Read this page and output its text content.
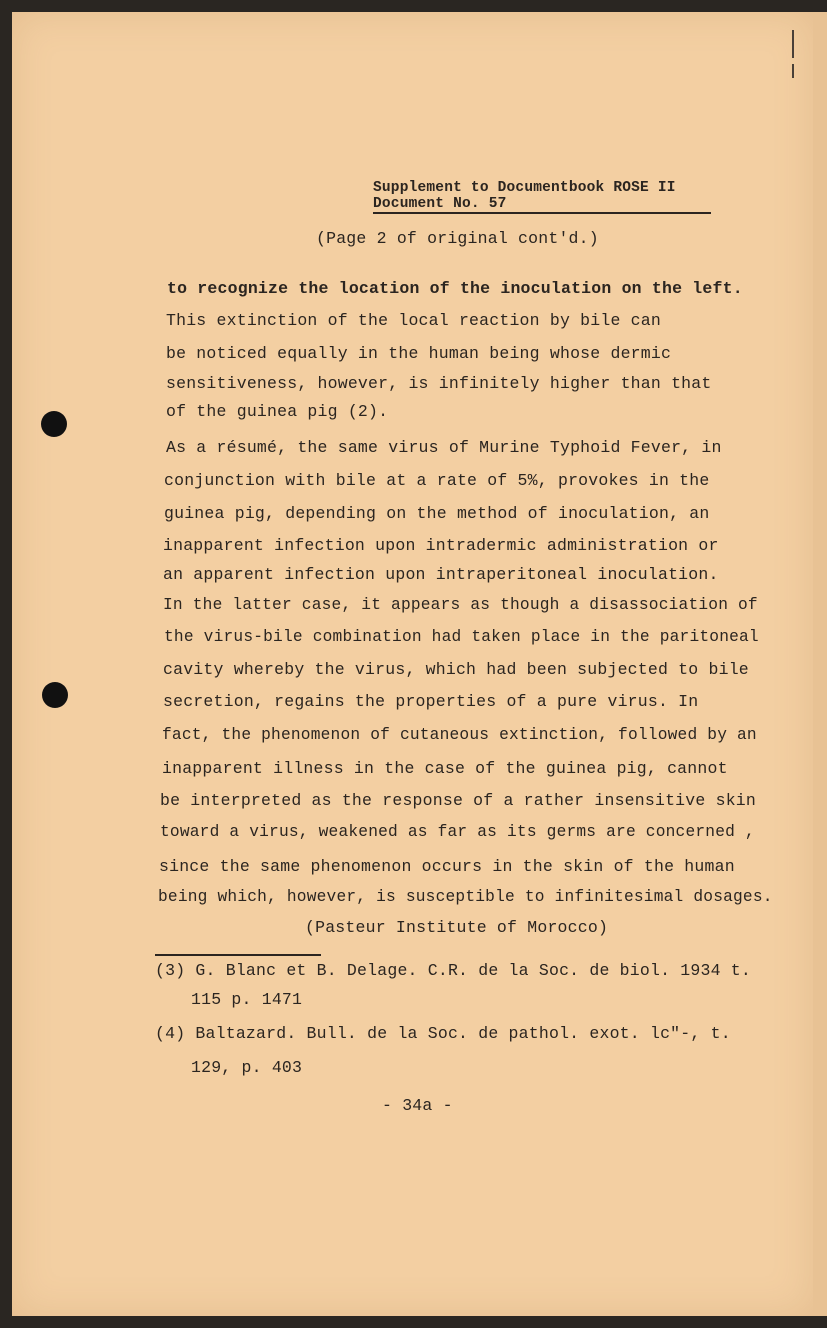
Supplement to Documentbook ROSE II
Document No. 57
(Page 2 of original cont'd.)
to recognize the location of the inoculation on the left.
This extinction of the local reaction by bile can
be noticed equally in the human being whose dermic
sensitiveness, however, is infinitely higher than that
of the guinea pig (2).
As a résumé, the same virus of Murine Typhoid Fever, in
conjunction with bile at a rate of 5%, provokes in the
guinea pig, depending on the method of inoculation, an
inapparent infection upon intradermic administration or
an apparent infection upon intraperitoneal inoculation.
In the latter case, it appears as though a disassociation of
the virus-bile combination had taken place in the paritoneal
cavity whereby the virus, which had been subjected to bile
secretion, regains the properties of a pure virus. In
fact, the phenomenon of cutaneous extinction, followed by an
inapparent illness in the case of the guinea pig, cannot
be interpreted as the response of a rather insensitive skin
toward a virus, weakened as far as its germs are concerned ,
since the same phenomenon occurs in the skin of the human
being which, however, is susceptible to infinitesimal dosages.
(Pasteur Institute of Morocco)
(3) G. Blanc et B. Delage. C.R. de la Soc. de biol. 1934 t.
115 p. 1471
(4) Baltazard. Bull. de la Soc. de pathol. exot. lc"-, t.
129, p. 403
- 34a -
